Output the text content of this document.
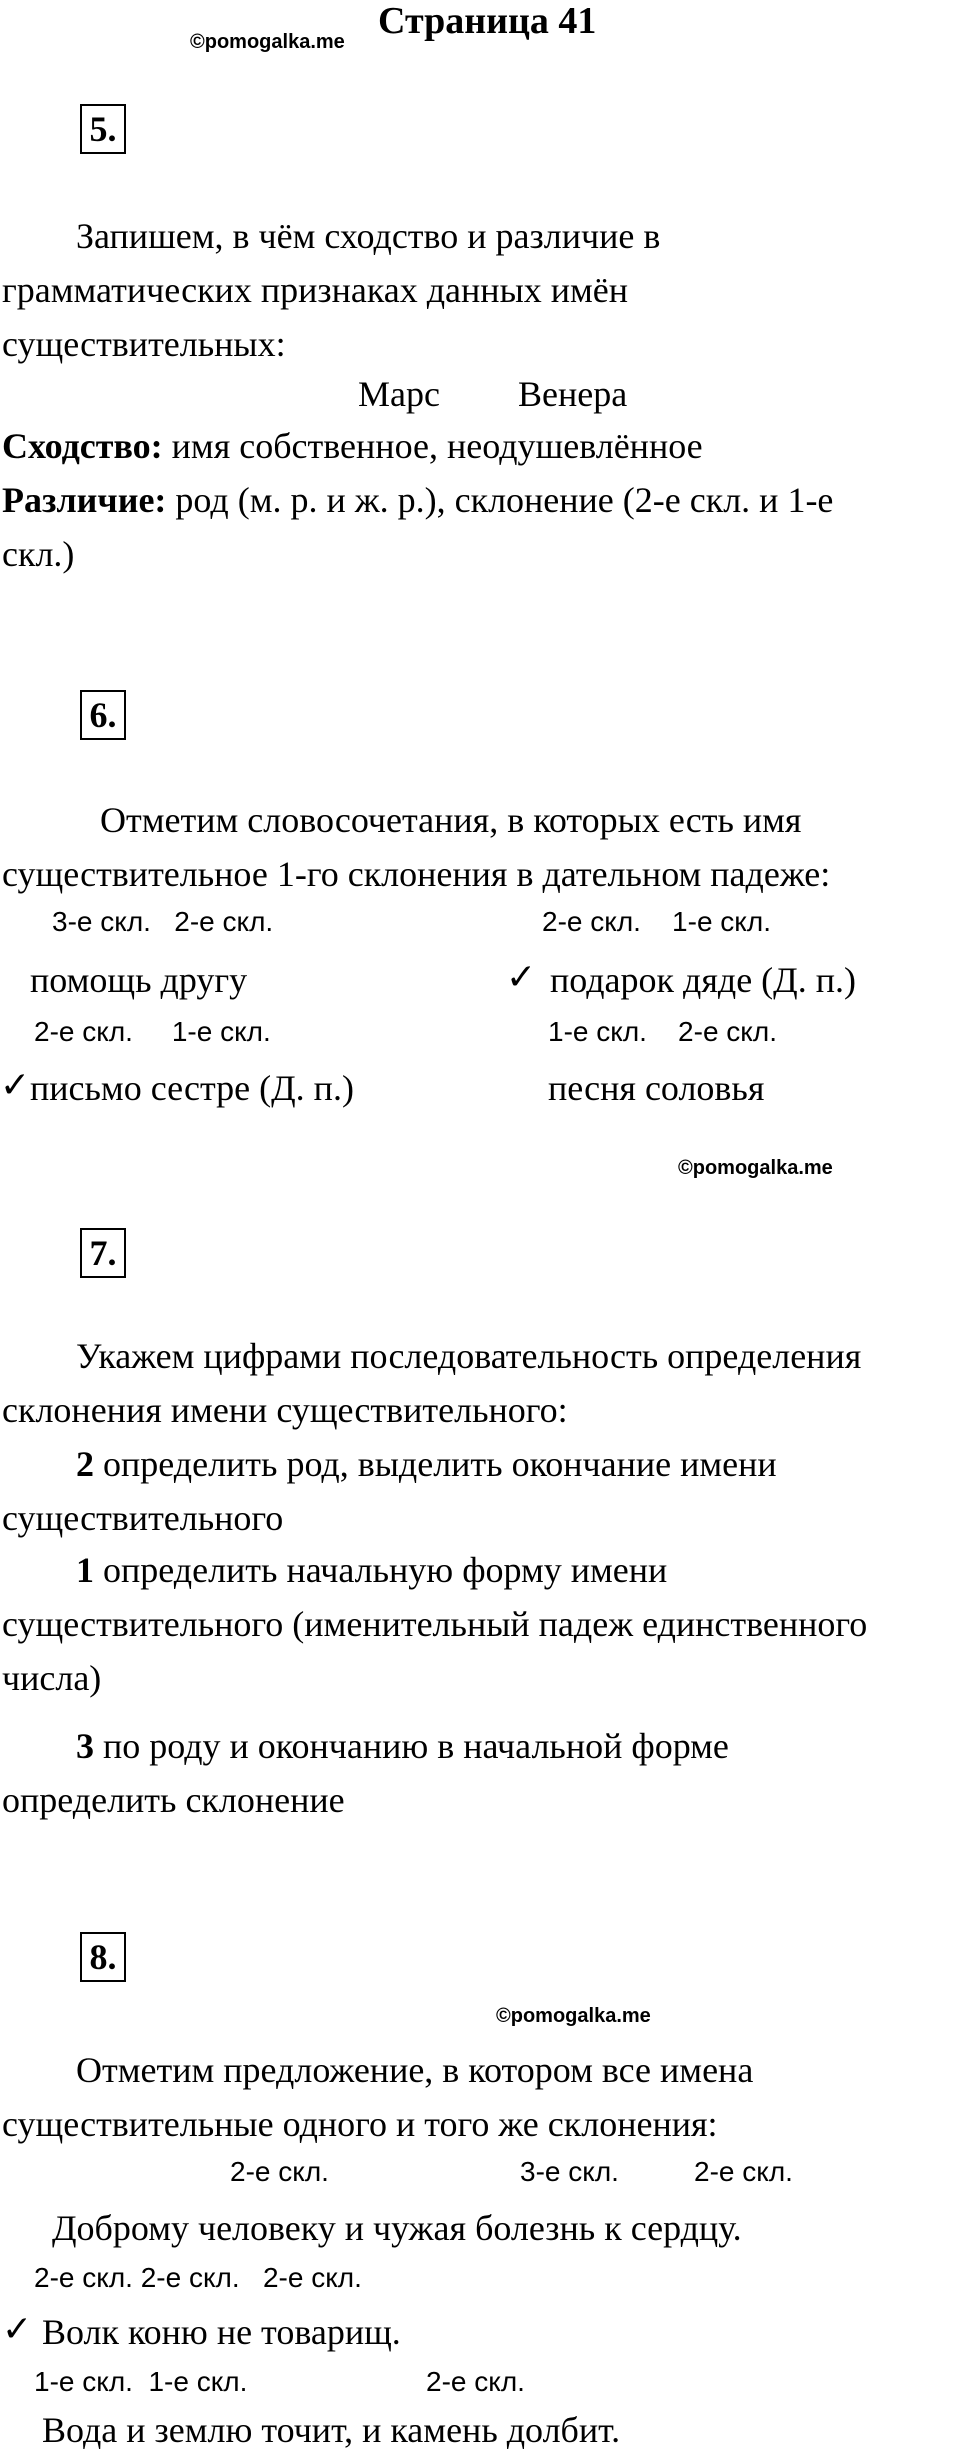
©pomogalka.me Страница 41
5.
Запишем, в чём сходство и различие в
грамматических признаках данных имён
существительных:
Марс Венера
Сходство: имя собственное, неодушевлённое
Различие: род (м. р. и ж. р.), склонение (2-е скл. и 1-е
скл.)
6.
Отметим словосочетания, в которых есть имя
существительное 1-го склонения в дательном падеже:
3-е скл.   2-е скл.
помощь другу
2-е скл.    1-е скл.
✓ подарок дяде (Д. п.)
2-е скл.     1-е скл.
✓ письмо сестре (Д. п.)
1-е скл.    2-е скл.
песня соловья
©pomogalka.me
7.
Укажем цифрами последовательность определения
склонения имени существительного:
2 определить род, выделить окончание имени
существительного
1 определить начальную форму имени
существительного (именительный падеж единственного
числа)
3 по роду и окончанию в начальной форме
определить склонение
8.
©pomogalka.me
Отметим предложение, в котором все имена
существительные одного и того же склонения:
2-е скл.	3-е скл.	2-е скл.
Доброму человеку и чужая болезнь к сердцу.
2-е скл. 2-е скл.   2-е скл.
✓ Волк коню не товарищ.
1-е скл.  1-е скл.	2-е скл.
Вода и землю точит, и камень долбит.
